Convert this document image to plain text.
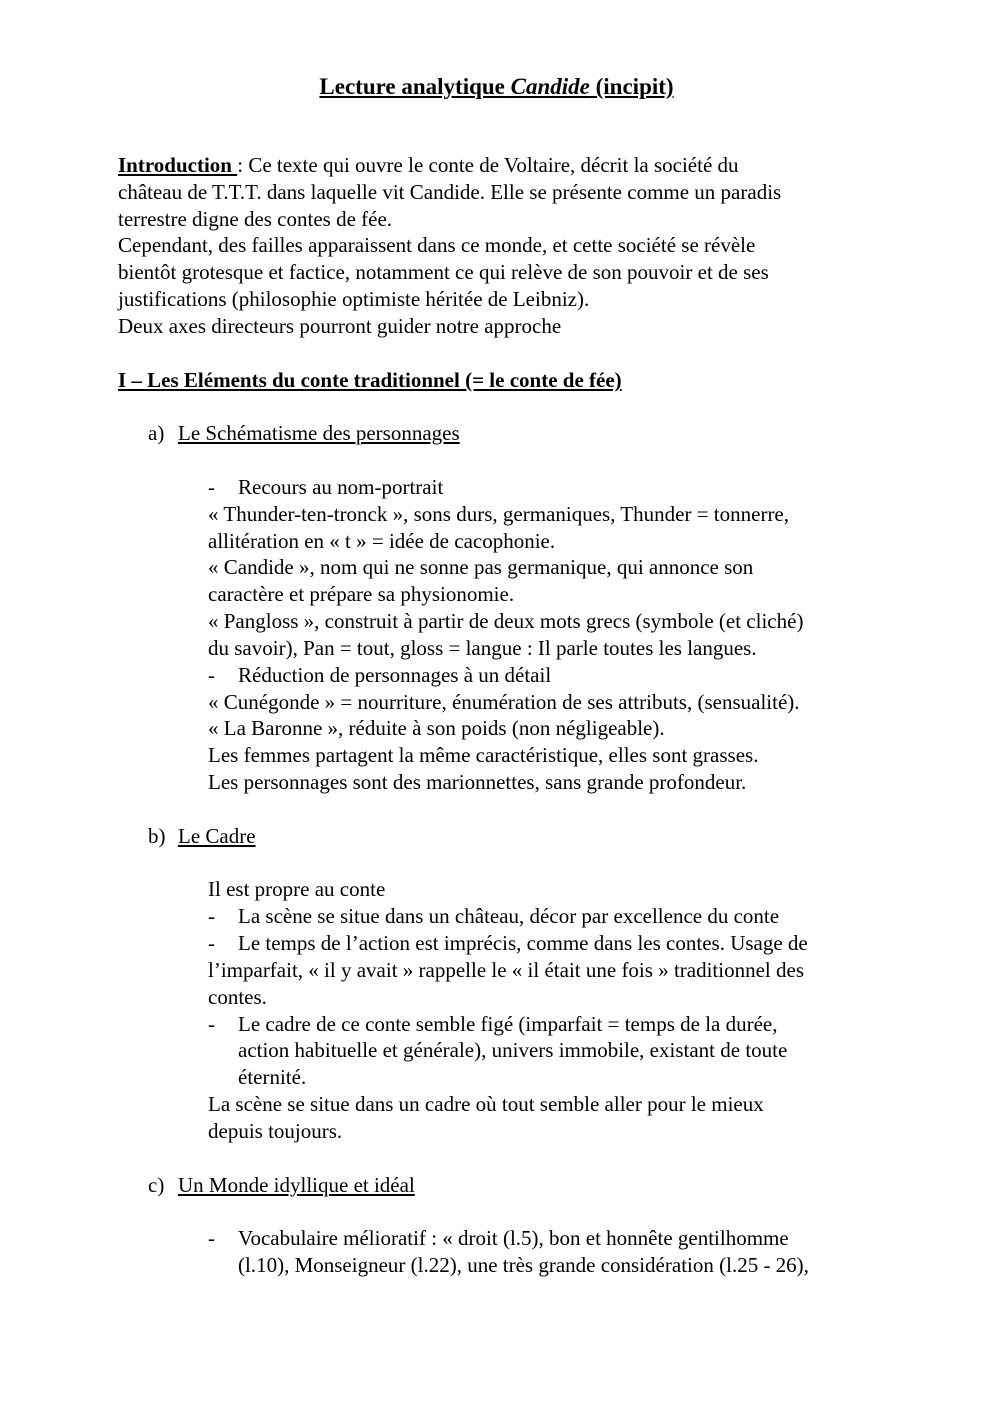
Lecture analytique Candide (incipit)
Introduction : Ce texte qui ouvre le conte de Voltaire, décrit la société du
château de T.T.T. dans laquelle vit Candide. Elle se présente comme un paradis
terrestre digne des contes de fée.
Cependant, des failles apparaissent dans ce monde, et cette société se révèle
bientôt grotesque et factice, notamment ce qui relève de son pouvoir et de ses
justifications (philosophie optimiste héritée de Leibniz).
Deux axes directeurs pourront guider notre approche
I – Les Eléments du conte traditionnel (= le conte de fée)
a) Le Schématisme des personnages
- Recours au nom-portrait
« Thunder-ten-tronck », sons durs, germaniques, Thunder = tonnerre,
allitération en « t » = idée de cacophonie.
« Candide », nom qui ne sonne pas germanique, qui annonce son
caractère et prépare sa physionomie.
« Pangloss », construit à partir de deux mots grecs (symbole (et cliché)
du savoir), Pan = tout, gloss = langue : Il parle toutes les langues.
- Réduction de personnages à un détail
« Cunégonde » = nourriture, énumération de ses attributs, (sensualité).
« La Baronne », réduite à son poids (non négligeable).
Les femmes partagent la même caractéristique, elles sont grasses.
Les personnages sont des marionnettes, sans grande profondeur.
b) Le Cadre
Il est propre au conte
- La scène se situe dans un château, décor par excellence du conte
- Le temps de l’action est imprécis, comme dans les contes. Usage de
l’imparfait, « il y avait » rappelle le « il était une fois » traditionnel des
contes.
- Le cadre de ce conte semble figé (imparfait = temps de la durée,
action habituelle et générale), univers immobile, existant de toute
éternité.
La scène se situe dans un cadre où tout semble aller pour le mieux
depuis toujours.
c) Un Monde idyllique et idéal
- Vocabulaire mélioratif : « droit (l.5), bon et honnête gentilhomme
(l.10), Monseigneur (l.22), une très grande considération (l.25 - 26),
